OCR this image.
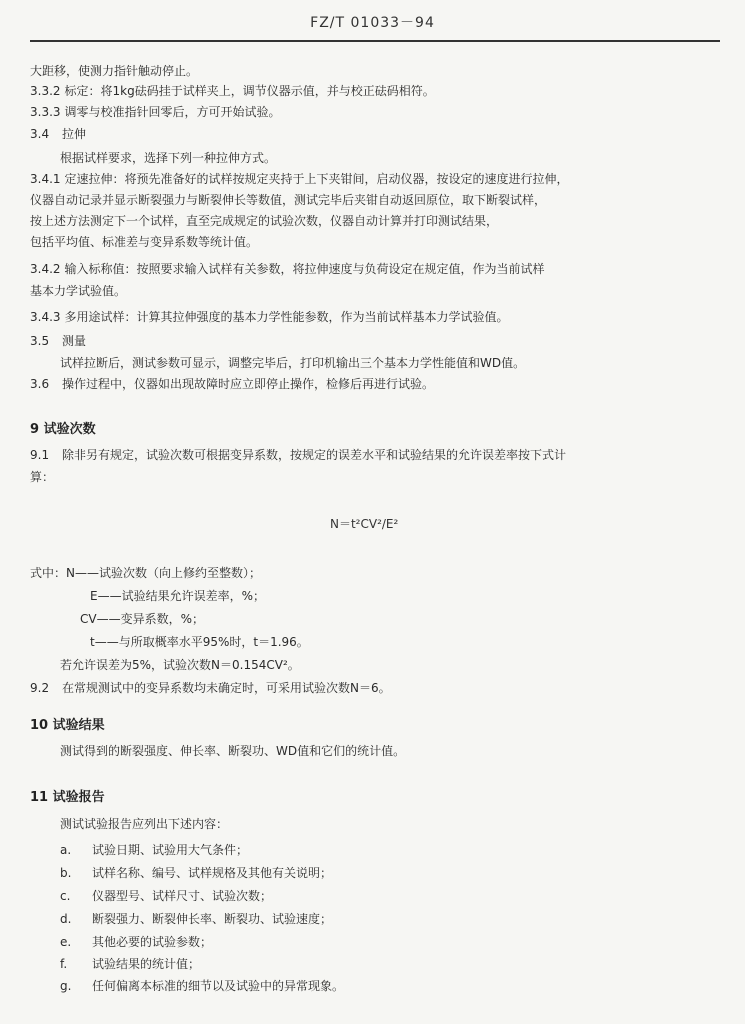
FZ/T 01033－94
大距移，使测力指针触动停止。
3.3.2 标定：将1kg砝码挂于试样夹上，调节仪器示值，并与校正砝码相符。
3.3.3 调零与校准指针回零后，方可开始试验。
3.4 拉伸
根据试样要求，选择下列一种拉伸方式。
3.4.1 定速拉伸：将预先准备好的试样按规定夹持于上下夹钳间，启动仪器，按设定的速度进行拉伸，
仪器自动记录并显示断裂强力与断裂伸长等数值，测试完毕后夹钳自动返回原位，取下断裂试样，
按上述方法测定下一个试样，直至完成规定的试验次数，仪器自动计算并打印测试结果，
包括平均值、标准差与变异系数等统计值。
3.4.2 输入标称值：按照要求输入试样有关参数，将拉伸速度与负荷设定在规定值，作为当前试样
基本力学试验值。
3.4.3 多用途试样：计算其拉伸强度的基本力学性能参数，作为当前试样基本力学试验值。
3.5 测量
试样拉断后，测试参数可显示，调整完毕后，打印机输出三个基本力学性能值和WD值。
3.6 操作过程中，仪器如出现故障时应立即停止操作，检修后再进行试验。
9 试验次数
9.1 除非另有规定，试验次数可根据变异系数，按规定的误差水平和试验结果的允许误差率按下式计
算：
N＝t²CV²/E²
式中：N——试验次数（向上修约至整数）；
E——试验结果允许误差率，%；
CV——变异系数，%；
t——与所取概率水平95%时，t＝1.96。
若允许误差为5%，试验次数N＝0.154CV²。
9.2 在常规测试中的变异系数均未确定时，可采用试验次数N＝6。
10 试验结果
测试得到的断裂强度、伸长率、断裂功、WD值和它们的统计值。
11 试验报告
测试试验报告应列出下述内容：
a. 试验日期、试验用大气条件；
b. 试样名称、编号、试样规格及其他有关说明；
c. 仪器型号、试样尺寸、试验次数；
d. 断裂强力、断裂伸长率、断裂功、试验速度；
e. 其他必要的试验参数；
f. 试验结果的统计值；
g. 任何偏离本标准的细节以及试验中的异常现象。
